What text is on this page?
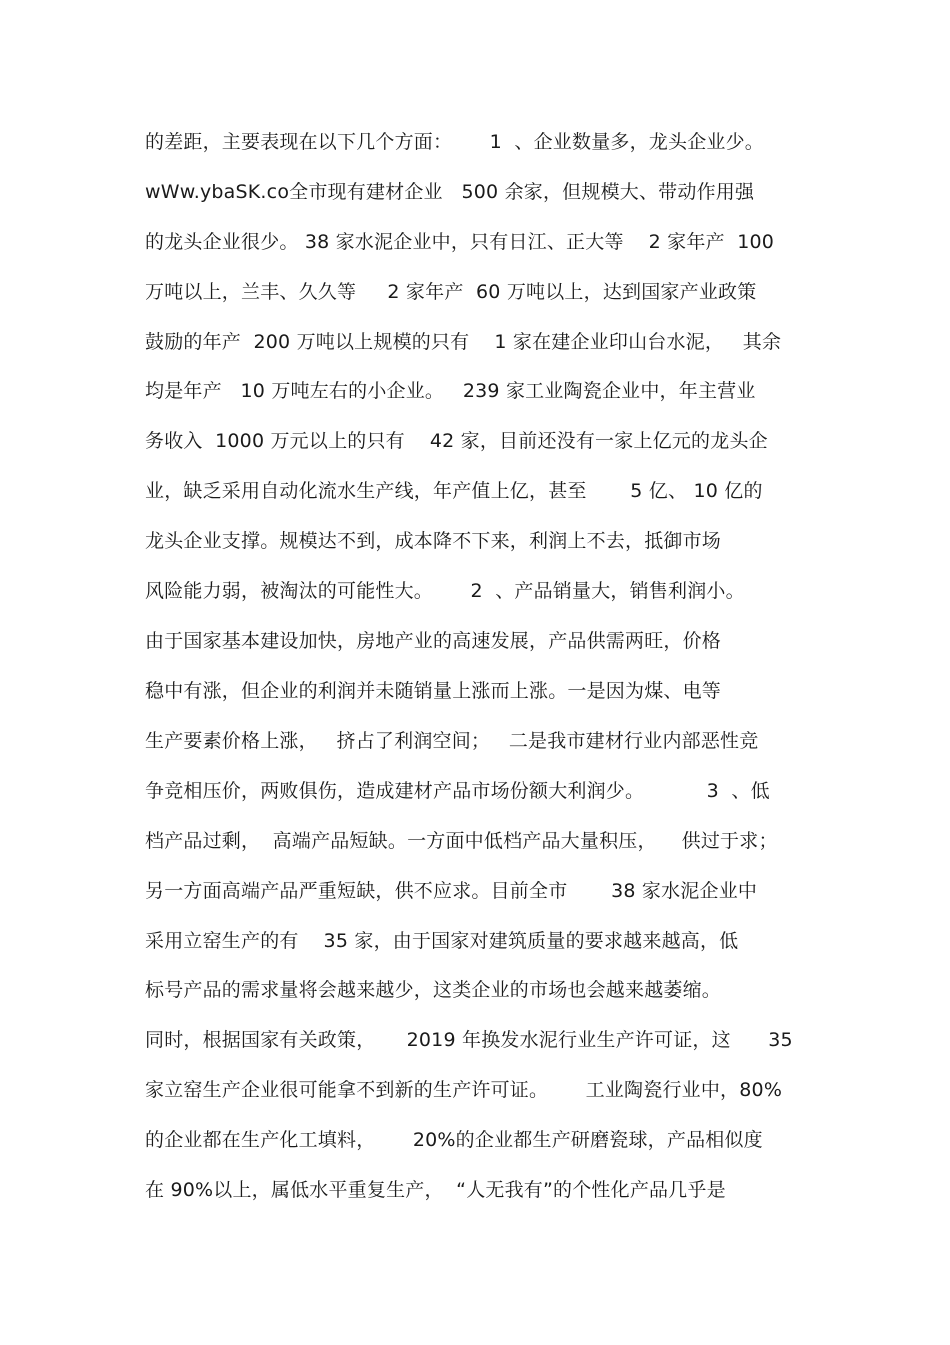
的差距，主要表现在以下几个方面：      1  、企业数量多，龙头企业少。
wWw.ybaSK.co全市现有建材企业   500 余家，但规模大、带动作用强
的龙头企业很少。 38 家水泥企业中，只有日江、正大等    2 家年产  100
万吨以上，兰丰、久久等     2 家年产  60 万吨以上，达到国家产业政策
鼓励的年产  200 万吨以上规模的只有    1 家在建企业印山台水泥，   其余
均是年产   10 万吨左右的小企业。   239 家工业陶瓷企业中，年主营业
务收入  1000 万元以上的只有    42 家，目前还没有一家上亿元的龙头企
业，缺乏采用自动化流水生产线，年产值上亿，甚至       5 亿、 10 亿的
龙头企业支撑。规模达不到，成本降不下来，利润上不去，抵御市场
风险能力弱，被淘汰的可能性大。      2  、产品销量大，销售利润小。
由于国家基本建设加快，房地产业的高速发展，产品供需两旺，价格
稳中有涨，但企业的利润并未随销量上涨而上涨。一是因为煤、电等
生产要素价格上涨，   挤占了利润空间；   二是我市建材行业内部恶性竞
争竞相压价，两败俱伤，造成建材产品市场份额大利润少。          3  、低
档产品过剩，  高端产品短缺。一方面中低档产品大量积压，    供过于求；
另一方面高端产品严重短缺，供不应求。目前全市       38 家水泥企业中
采用立窑生产的有    35 家，由于国家对建筑质量的要求越来越高，低
标号产品的需求量将会越来越少，这类企业的市场也会越来越萎缩。
同时，根据国家有关政策，     2019 年换发水泥行业生产许可证，这      35
家立窑生产企业很可能拿不到新的生产许可证。      工业陶瓷行业中，80%
的企业都在生产化工填料，      20%的企业都生产研磨瓷球，产品相似度
在 90%以上，属低水平重复生产，  “人无我有”的个性化产品几乎是
